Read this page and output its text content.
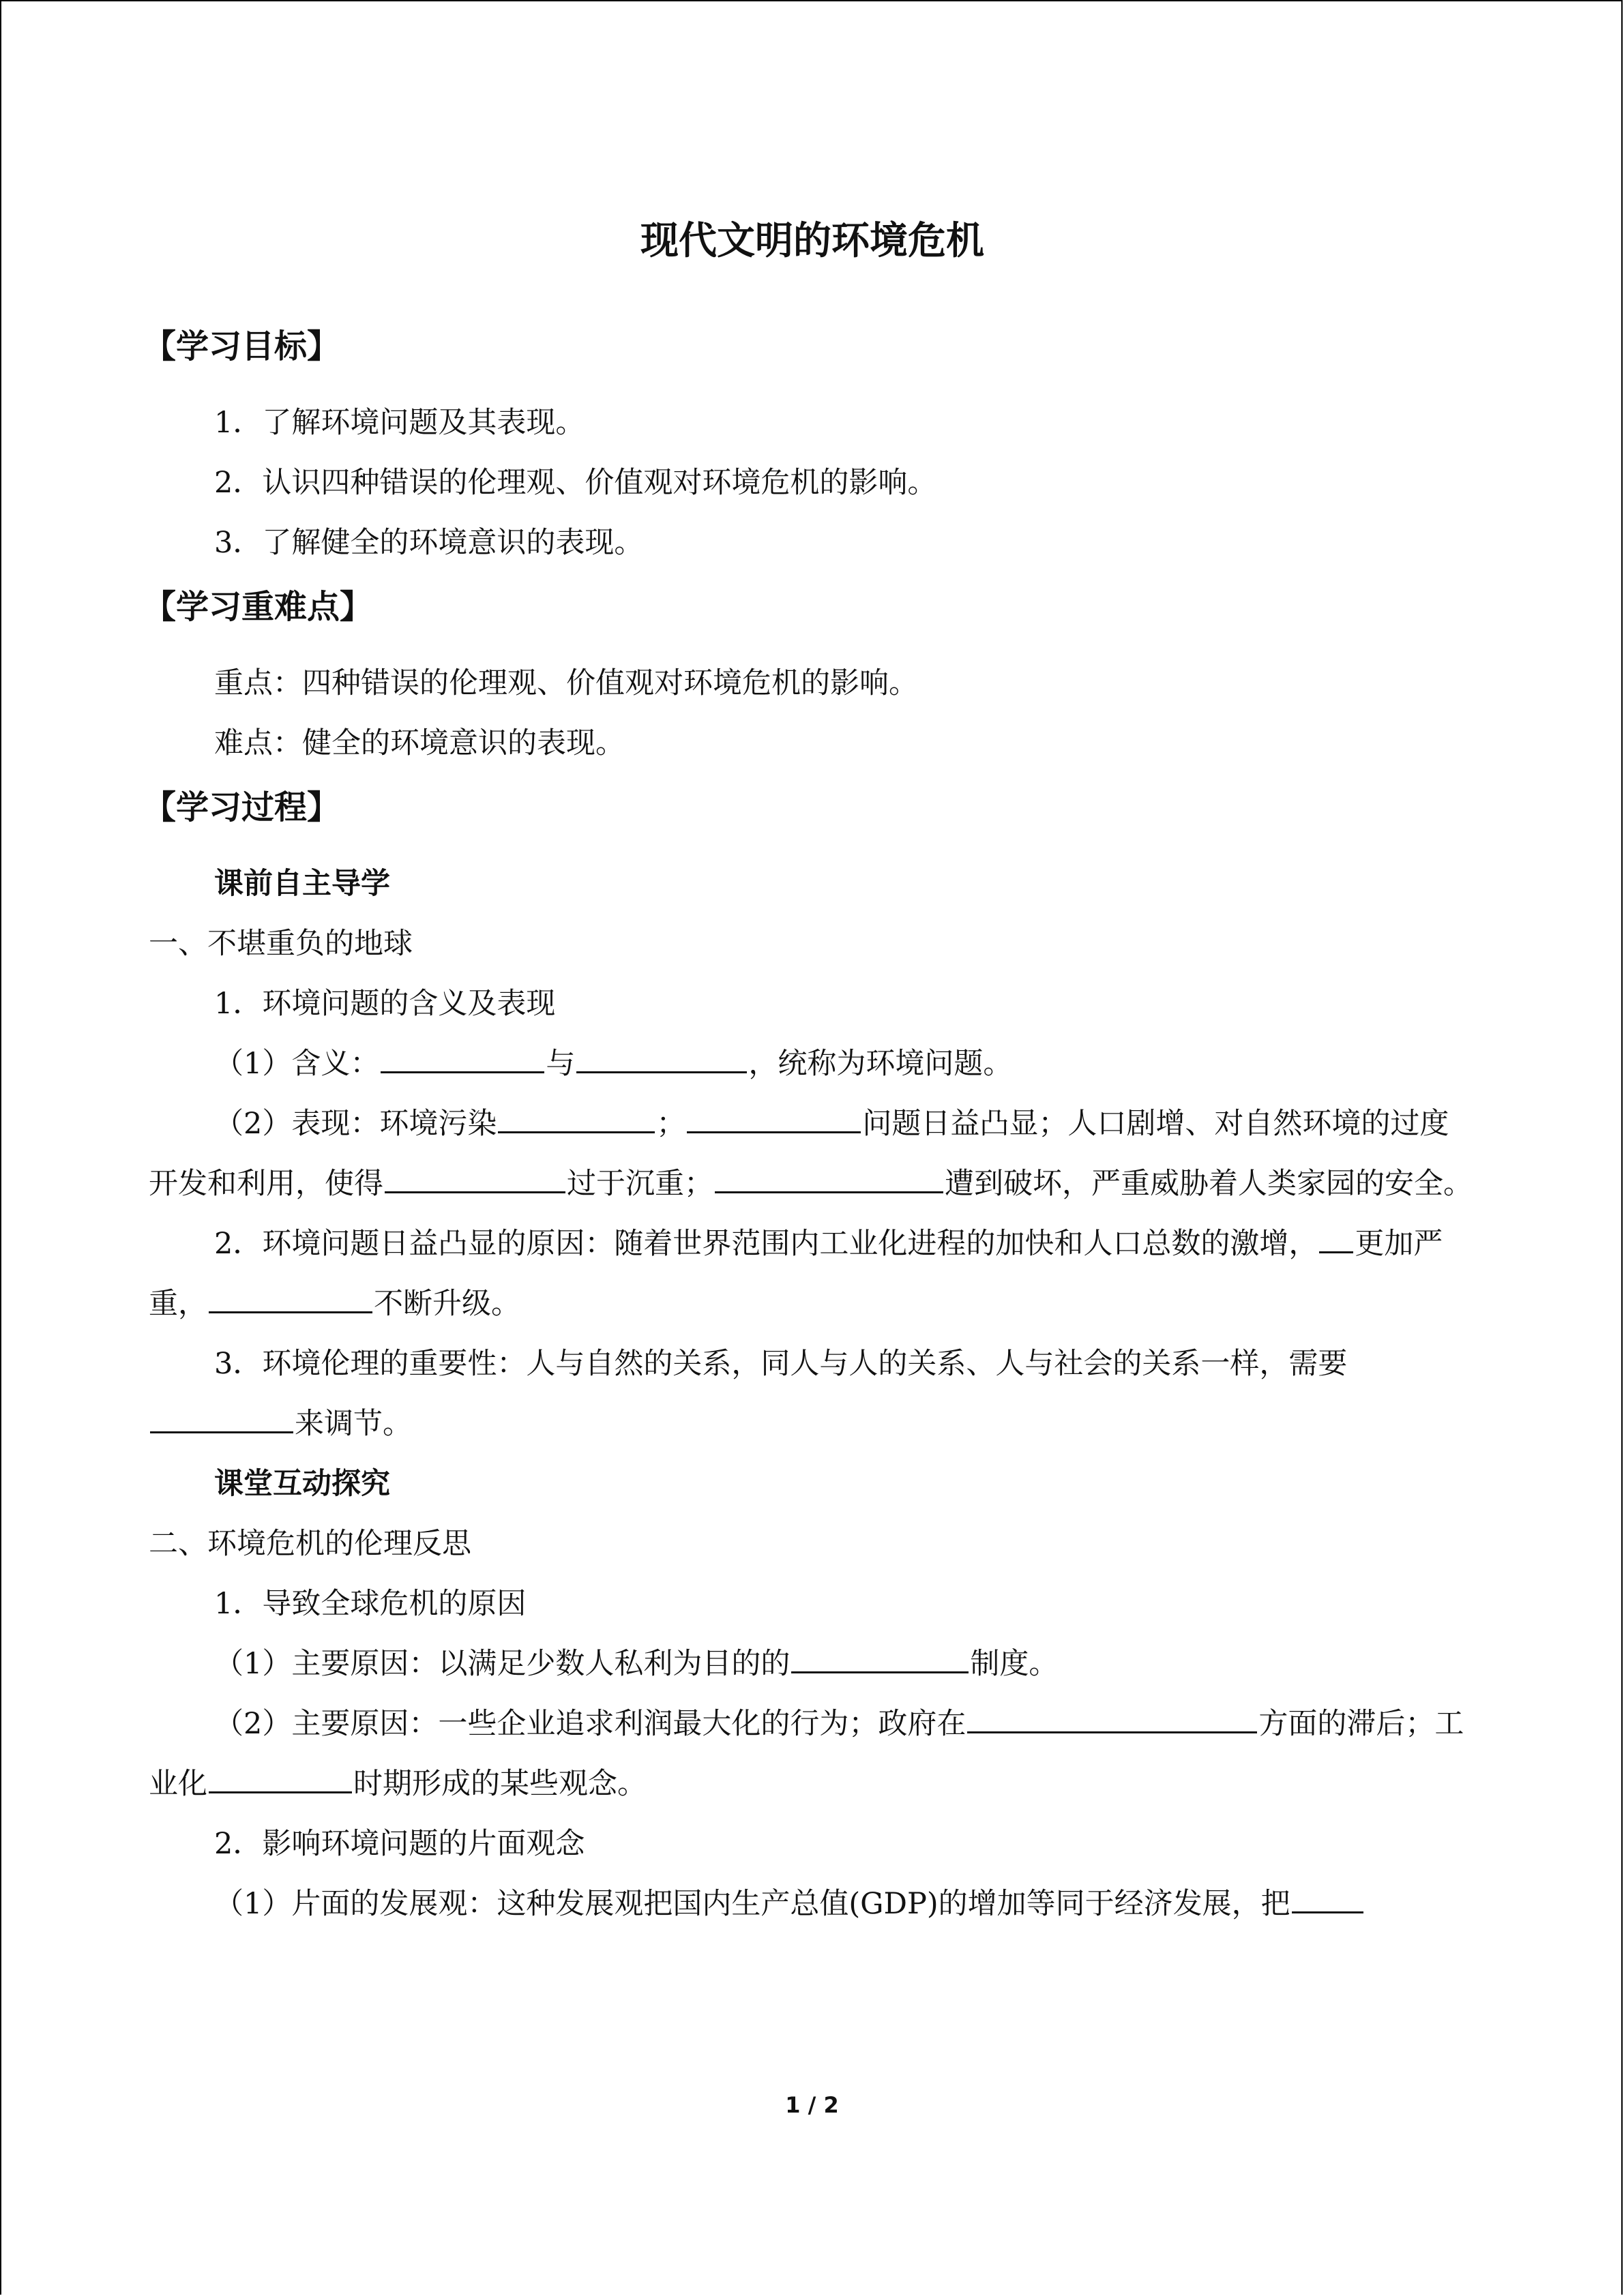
现代文明的环境危机
【学习目标】
1．了解环境问题及其表现。
2．认识四种错误的伦理观、价值观对环境危机的影响。
3．了解健全的环境意识的表现。
【学习重难点】
重点：四种错误的伦理观、价值观对环境危机的影响。
难点：健全的环境意识的表现。
【学习过程】
课前自主导学
一、不堪重负的地球
1．环境问题的含义及表现
（1）含义：	与	，统称为环境问题。
（2）表现：环境污染	；	问题日益凸显；人口剧增、对自然环境的过度开发和利用，使得	过于沉重；	遭到破坏，严重威胁着人类家园的安全。
2．环境问题日益凸显的原因：随着世界范围内工业化进程的加快和人口总数的激增， 更加严重，	不断升级。
3．环境伦理的重要性：人与自然的关系，同人与人的关系、人与社会的关系一样，需要来调节。
课堂互动探究
二、环境危机的伦理反思
1．导致全球危机的原因
（1）主要原因：以满足少数人私利为目的的	制度。
（2）主要原因：一些企业追求利润最大化的行为；政府在	方面的滞后；工业化	时期形成的某些观念。
2．影响环境问题的片面观念
（1）片面的发展观：这种发展观把国内生产总值(GDP)的增加等同于经济发展，把
1 / 2
